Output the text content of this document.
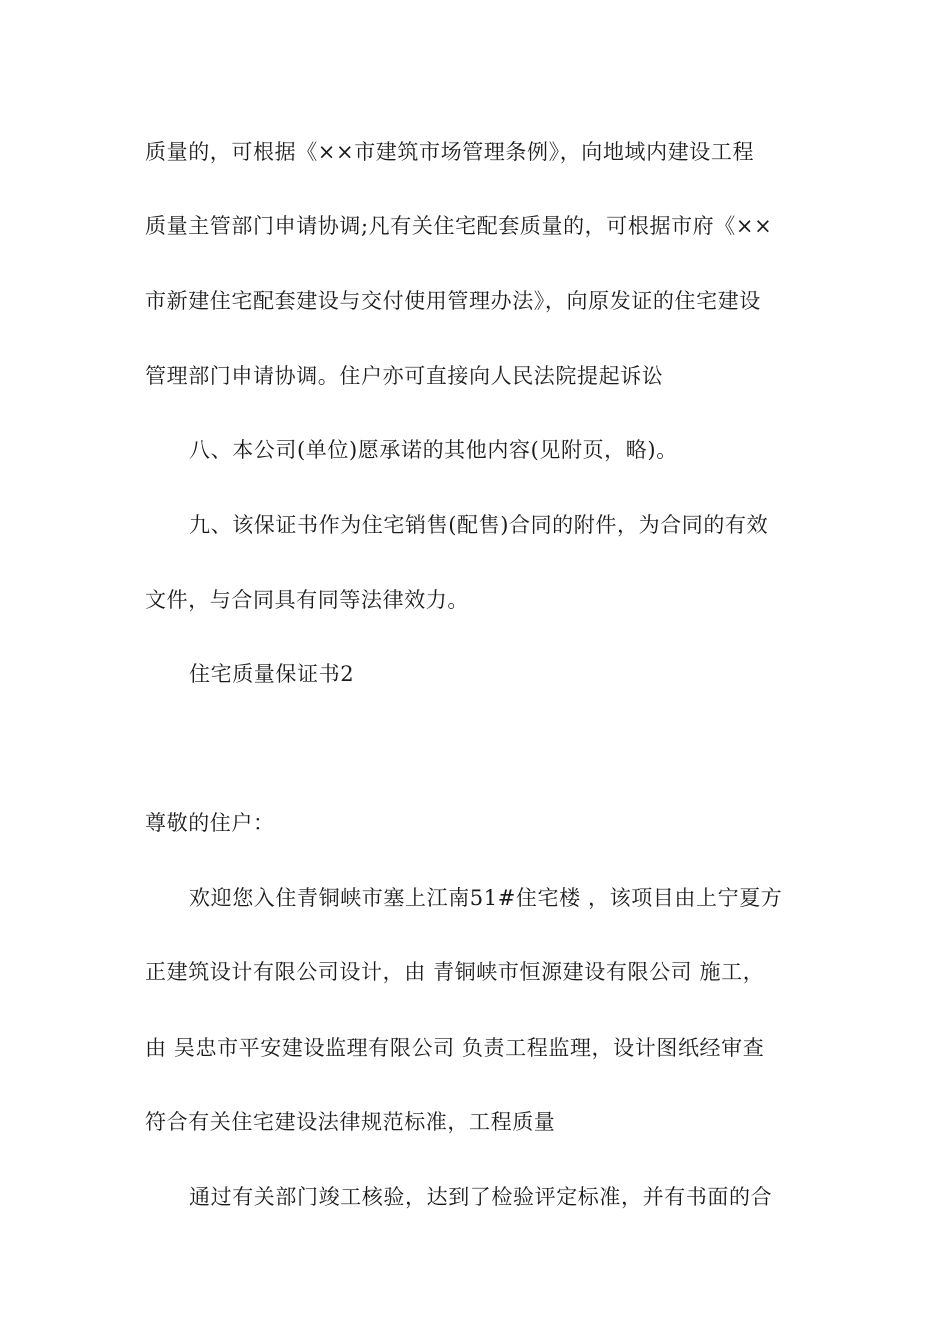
质量的，可根据《××市建筑市场管理条例》，向地域内建设工程
质量主管部门申请协调;凡有关住宅配套质量的，可根据市府《××
市新建住宅配套建设与交付使用管理办法》，向原发证的住宅建设
管理部门申请协调。住户亦可直接向人民法院提起诉讼
八、本公司(单位)愿承诺的其他内容(见附页，略)。
九、该保证书作为住宅销售(配售)合同的附件，为合同的有效
文件，与合同具有同等法律效力。
住宅质量保证书2
尊敬的住户：
欢迎您入住青铜峡市塞上江南51#住宅楼 ，该项目由上宁夏方
正建筑设计有限公司设计，由 青铜峡市恒源建设有限公司 施工，
由 吴忠市平安建设监理有限公司 负责工程监理，设计图纸经审查
符合有关住宅建设法律规范标准，工程质量
通过有关部门竣工核验，达到了检验评定标准，并有书面的合
